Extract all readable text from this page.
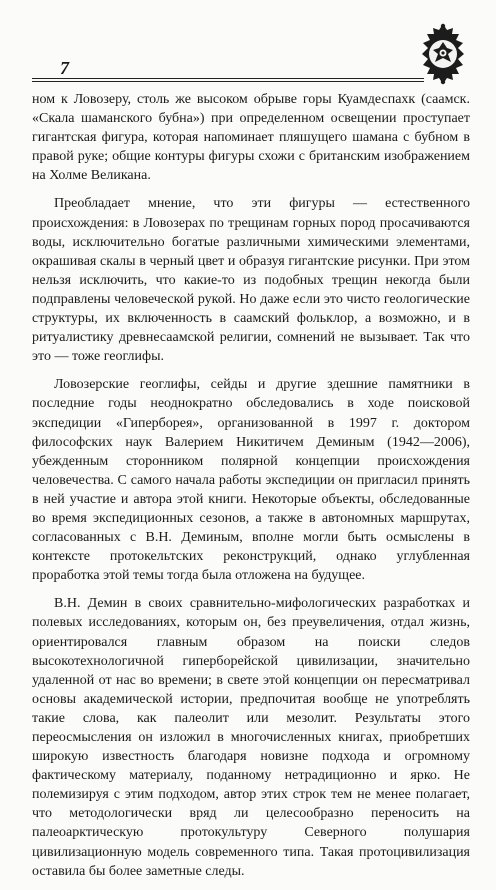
7

ном к Ловозеру, столь же высоком обрыве горы Куамдеспахк (саамск. «Скала шаманского бубна») при определенном освещении проступает гигантская фигура, которая напоминает пляшущего шамана с бубном в правой руке; общие контуры фигуры схожи с британским изображением на Холме Великана.

Преобладает мнение, что эти фигуры — естественного происхождения: в Ловозерах по трещинам горных пород просачиваются воды, исключительно богатые различными химическими элементами, окрашивая скалы в черный цвет и образуя гигантские рисунки. При этом нельзя исключить, что какие-то из подобных трещин некогда были подправлены человеческой рукой. Но даже если это чисто геологические структуры, их включенность в саамский фольклор, а возможно, и в ритуалистику древнесаамской религии, сомнений не вызывает. Так что это — тоже геоглифы.

Ловозерские геоглифы, сейды и другие здешние памятники в последние годы неоднократно обследовались в ходе поисковой экспедиции «Гиперборея», организованной в 1997 г. доктором философских наук Валерием Никитичем Деминым (1942—2006), убежденным сторонником полярной концепции происхождения человечества. С самого начала работы экспедиции он пригласил принять в ней участие и автора этой книги. Некоторые объекты, обследованные во время экспедиционных сезонов, а также в автономных маршрутах, согласованных с В.Н. Деминым, вполне могли быть осмыслены в контексте протокельтских реконструкций, однако углубленная проработка этой темы тогда была отложена на будущее.

В.Н. Демин в своих сравнительно-мифологических разработках и полевых исследованиях, которым он, без преувеличения, отдал жизнь, ориентировался главным образом на поиски следов высокотехнологичной гиперборейской цивилизации, значительно удаленной от нас во времени; в свете этой концепции он пересматривал основы академической истории, предпочитая вообще не употреблять такие слова, как палеолит или мезолит. Результаты этого переосмысления он изложил в многочисленных книгах, приобретших широкую известность благодаря новизне подхода и огромному фактическому материалу, поданному нетрадиционно и ярко. Не полемизируя с этим подходом, автор этих строк тем не менее полагает, что методологически вряд ли целесообразно переносить на палеоарктическую протокультуру Северного полушария цивилизационную модель современного типа. Такая протоцивилизация оставила бы более заметные следы.
